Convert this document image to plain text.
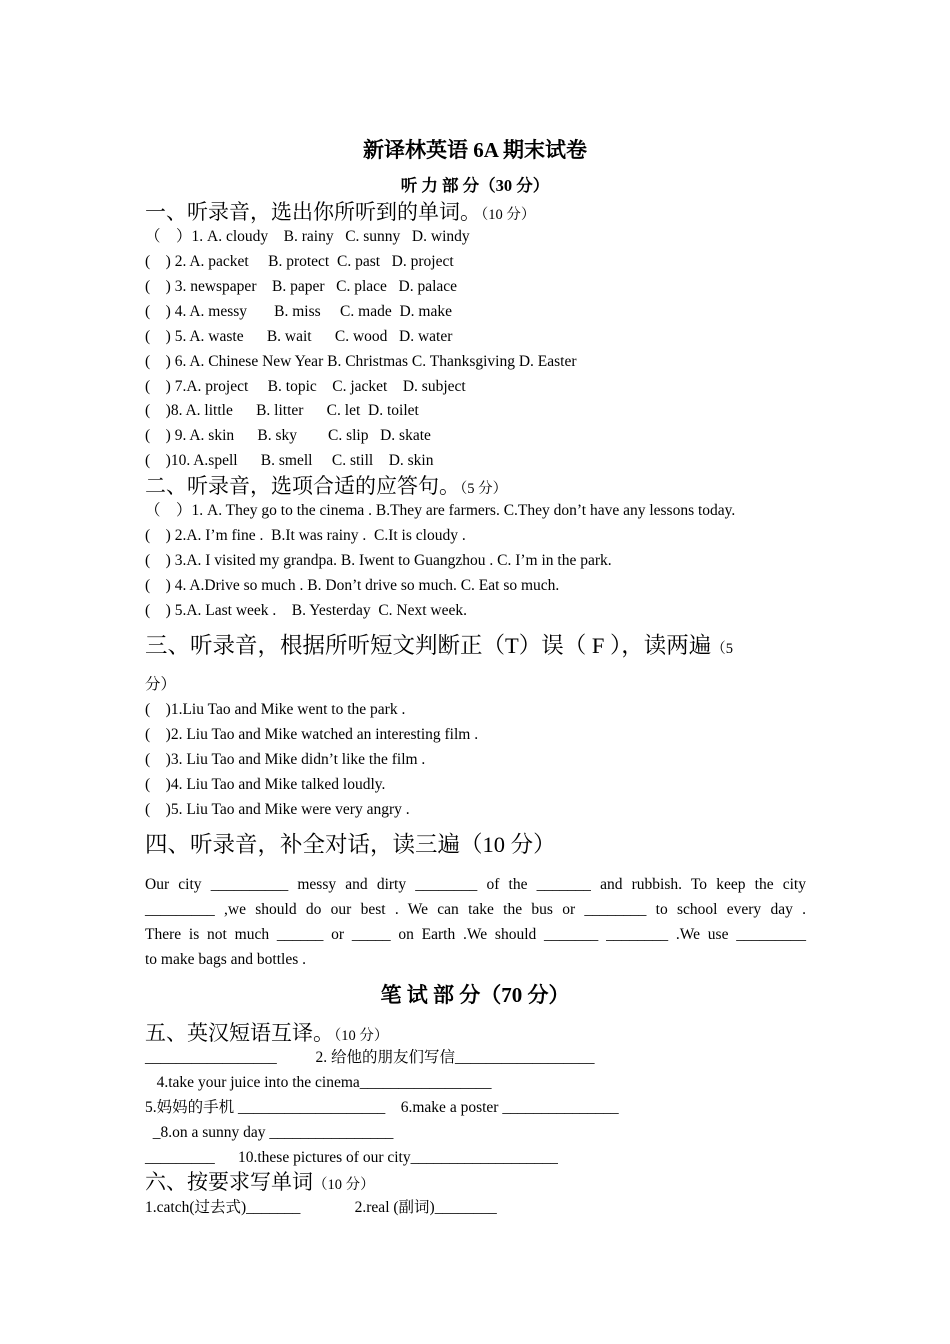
新译林英语 6A 期末试卷
听 力 部 分（30 分）
一、听录音，选出你所听到的单词。（10 分）
（    ）1. A. cloudy    B. rainy   C. sunny   D. windy
(    ) 2. A. packet     B. protect  C. past   D. project
(    ) 3. newspaper    B. paper   C. place   D. palace
(    ) 4. A. messy       B. miss     C. made  D. make
(    ) 5. A. waste      B. wait      C. wood   D. water
(    ) 6. A. Chinese New Year B. Christmas C. Thanksgiving D. Easter
(    ) 7.A. project     B. topic    C. jacket    D. subject
(    )8. A. little      B. litter      C. let  D. toilet
(    ) 9. A. skin      B. sky        C. slip   D. skate
(    )10. A.spell      B. smell     C. still    D. skin
二、听录音，选项合适的应答句。（5 分）
（    ）1. A. They go to the cinema . B.They are farmers. C.They don’t have any lessons today.
(    ) 2.A. I’m fine .  B.It was rainy .  C.It is cloudy .
(    ) 3.A. I visited my grandpa. B. Iwent to Guangzhou . C. I’m in the park.
(    ) 4. A.Drive so much . B. Don’t drive so much. C. Eat so much.
(    ) 5.A. Last week .    B. Yesterday  C. Next week.
三、听录音，根据所听短文判断正（T）误（ F ），读两遍（5
分）
(    )1.Liu Tao and Mike went to the park .
(    )2. Liu Tao and Mike watched an interesting film .
(    )3. Liu Tao and Mike didn’t like the film .
(    )4. Liu Tao and Mike talked loudly.
(    )5. Liu Tao and Mike were very angry .
四、听录音，补全对话，读三遍（10 分）
Our city __________ messy and dirty ________ of the _______ and rubbish. To keep the city
_________ ,we should do our best . We can take the bus or ________ to school every day .
There is not much ______ or _____ on Earth .We should _______ ________ .We use _________
to make bags and bottles .
笔 试 部 分（70 分）
五、英汉短语互译。（10 分）
_________________          2. 给他的朋友们写信__________________
4.take your juice into the cinema_________________
5.妈妈的手机 ___________________    6.make a poster _______________
_8.on a sunny day ________________
_________      10.these pictures of our city___________________
六、按要求写单词（10 分）
1.catch(过去式)_______              2.real (副词)________
